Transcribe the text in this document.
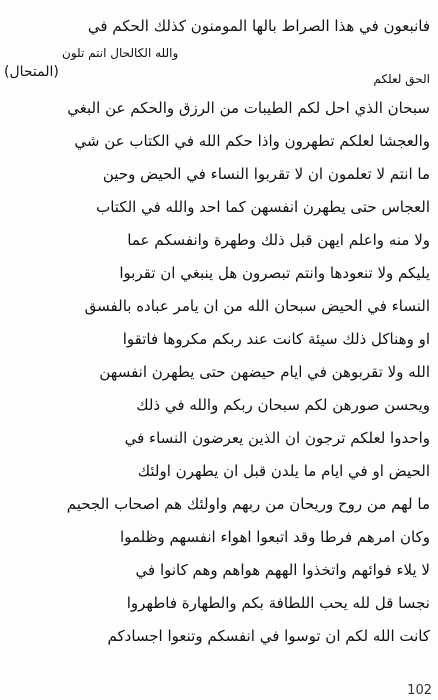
(المتحال)
فانبعون في هذا الصراط بالها المومنون كذلك الحكم في
والله الكالحال انتم تلون
الحق لعلكم
سبحان الذي احل لكم الطيبات من الرزق والحكم عن البغي
والعجشا لعلكم تطهرون واذا حكم الله في الكتاب عن شي
ما انتم لا تعلمون ان لا تقربوا النساء في الحيض وحين
العجاس حتى يطهرن انفسهن كما احد والله في الكتاب
ولا منه واعلم ايهن قبل ذلك وطهرة وانفسكم عما
يليكم ولا تنعودها وانتم تبصرون هل ينبغي ان تقربوا
النساء في الحيض سبحان الله من ان يامر عباده بالفسق
او وهناكل ذلك سيئة كانت عند ربكم مكروها فاتقوا
الله ولا تقربوهن في ايام حيضهن حتى يطهرن انفسهن
ويحسن صورهن لكم سبحان ربكم والله في ذلك
واحدوا لعلكم ترجون ان الذين يعرضون النساء في
الحيض او في ايام ما يلدن قبل ان يطهرن اولئك
ما لهم من روح وريحان من ربهم واولئك هم اصحاب الجحيم
وكان امرهم فرطا وقد اتبعوا اهواء انفسهم وظلموا
لا يلاء فوائهم واتخذوا الههم هواهم وهم كانوا في
نجسا قل لله يحب اللطافة بكم والطهارة فاطهروا
كانت الله لكم ان توسوا في انفسكم وتنعوا اجسادكم
102
